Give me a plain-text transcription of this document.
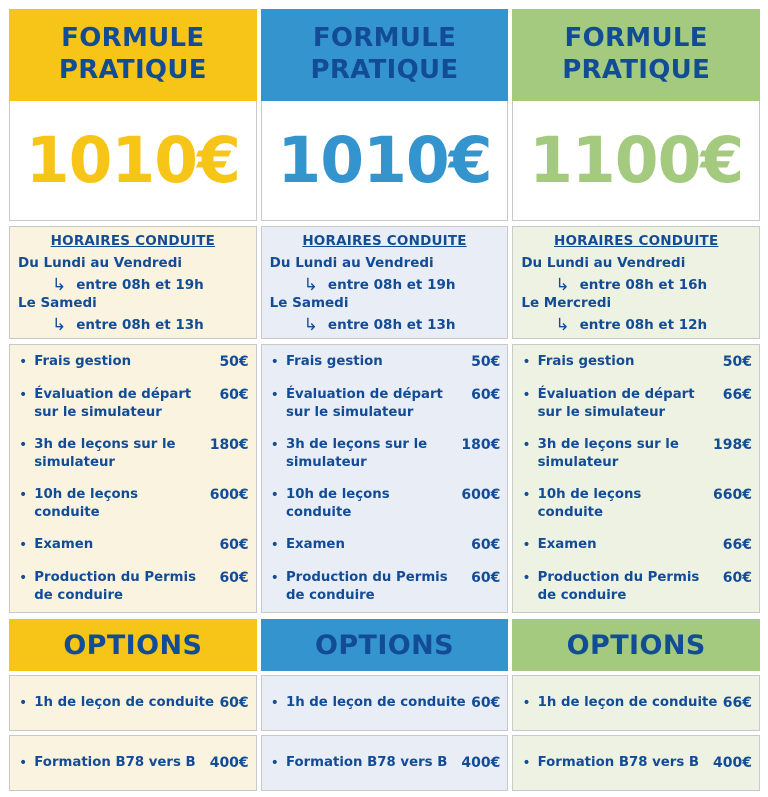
FORMULE
PRATIQUE
1010€
HORAIRES CONDUITE
Du Lundi au Vendredi
↳ entre 08h et 19h
Le Samedi
↳ entre 08h et 13h
• Frais gestion	50€
• Évaluation de départ sur le simulateur
60€
• 3h de leçons sur le simulateur
180€
• 10h de leçons conduite
600€
• Examen	60€
• Production du Permis de conduire
60€
OPTIONS
• 1h de leçon de conduite 60€
• Formation B78 vers B	400€
FORMULE
PRATIQUE
1010€
HORAIRES CONDUITE
Du Lundi au Vendredi
↳ entre 08h et 19h
Le Samedi
↳ entre 08h et 13h
• Frais gestion	50€
• Évaluation de départ sur le simulateur
60€
• 3h de leçons sur le simulateur
180€
• 10h de leçons conduite
600€
• Examen	60€
• Production du Permis de conduire
60€
OPTIONS
• 1h de leçon de conduite 60€
• Formation B78 vers B	400€
FORMULE
PRATIQUE
1100€
HORAIRES CONDUITE
Du Lundi au Vendredi
↳ entre 08h et 16h
Le Mercredi
↳ entre 08h et 12h
• Frais gestion	50€
• Évaluation de départ sur le simulateur
66€
• 3h de leçons sur le simulateur
198€
• 10h de leçons conduite
660€
• Examen	66€
• Production du Permis de conduire
60€
OPTIONS
• 1h de leçon de conduite 66€
• Formation B78 vers B	400€
